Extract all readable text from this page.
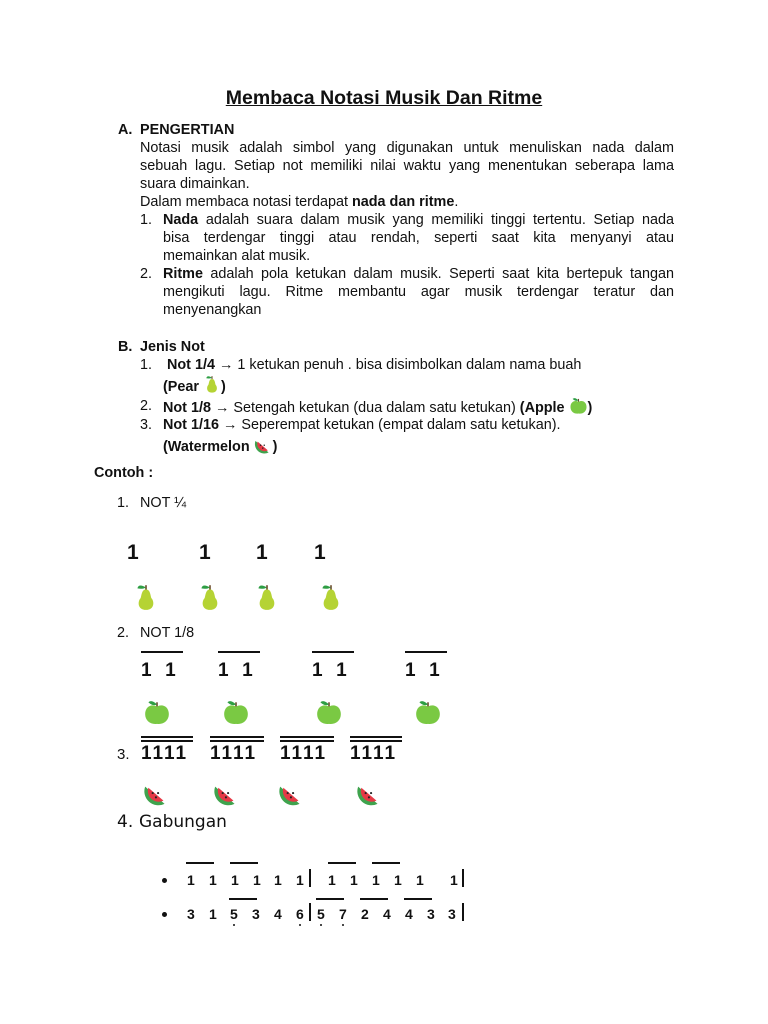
Membaca Notasi Musik Dan Ritme
A. PENGERTIAN
Notasi musik adalah simbol yang digunakan untuk menuliskan nada dalam
sebuah lagu. Setiap not memiliki nilai waktu yang menentukan seberapa lama
suara dimainkan.
Dalam membaca notasi terdapat nada dan ritme.
1. Nada adalah suara dalam musik yang memiliki tinggi tertentu. Setiap nada
bisa terdengar tinggi atau rendah, seperti saat kita menyanyi atau
memainkan alat musik.
2. Ritme adalah pola ketukan dalam musik. Seperti saat kita bertepuk tangan
mengikuti lagu. Ritme membantu agar musik terdengar teratur dan
menyenangkan
B. Jenis Not
1. Not 1/4 → 1 ketukan penuh . bisa disimbolkan dalam nama buah
(Pear
)
2. Not 1/8 → Setengah ketukan (dua dalam satu ketukan) (Apple
)
3. Not 1/16 → Seperempat ketukan (empat dalam satu ketukan).
(Watermelon
)
Contoh :
1. NOT ¼
1	1 1 1
2. NOT 1/8
1  1 1  1	1  1	1  1
3. 1111 1111 1111 1111
4. Gabungan
1 1 1 1 1 1 1 1 1 1 1 1
3 1 5 3 4 6 5 7 2 4 4 3 3
